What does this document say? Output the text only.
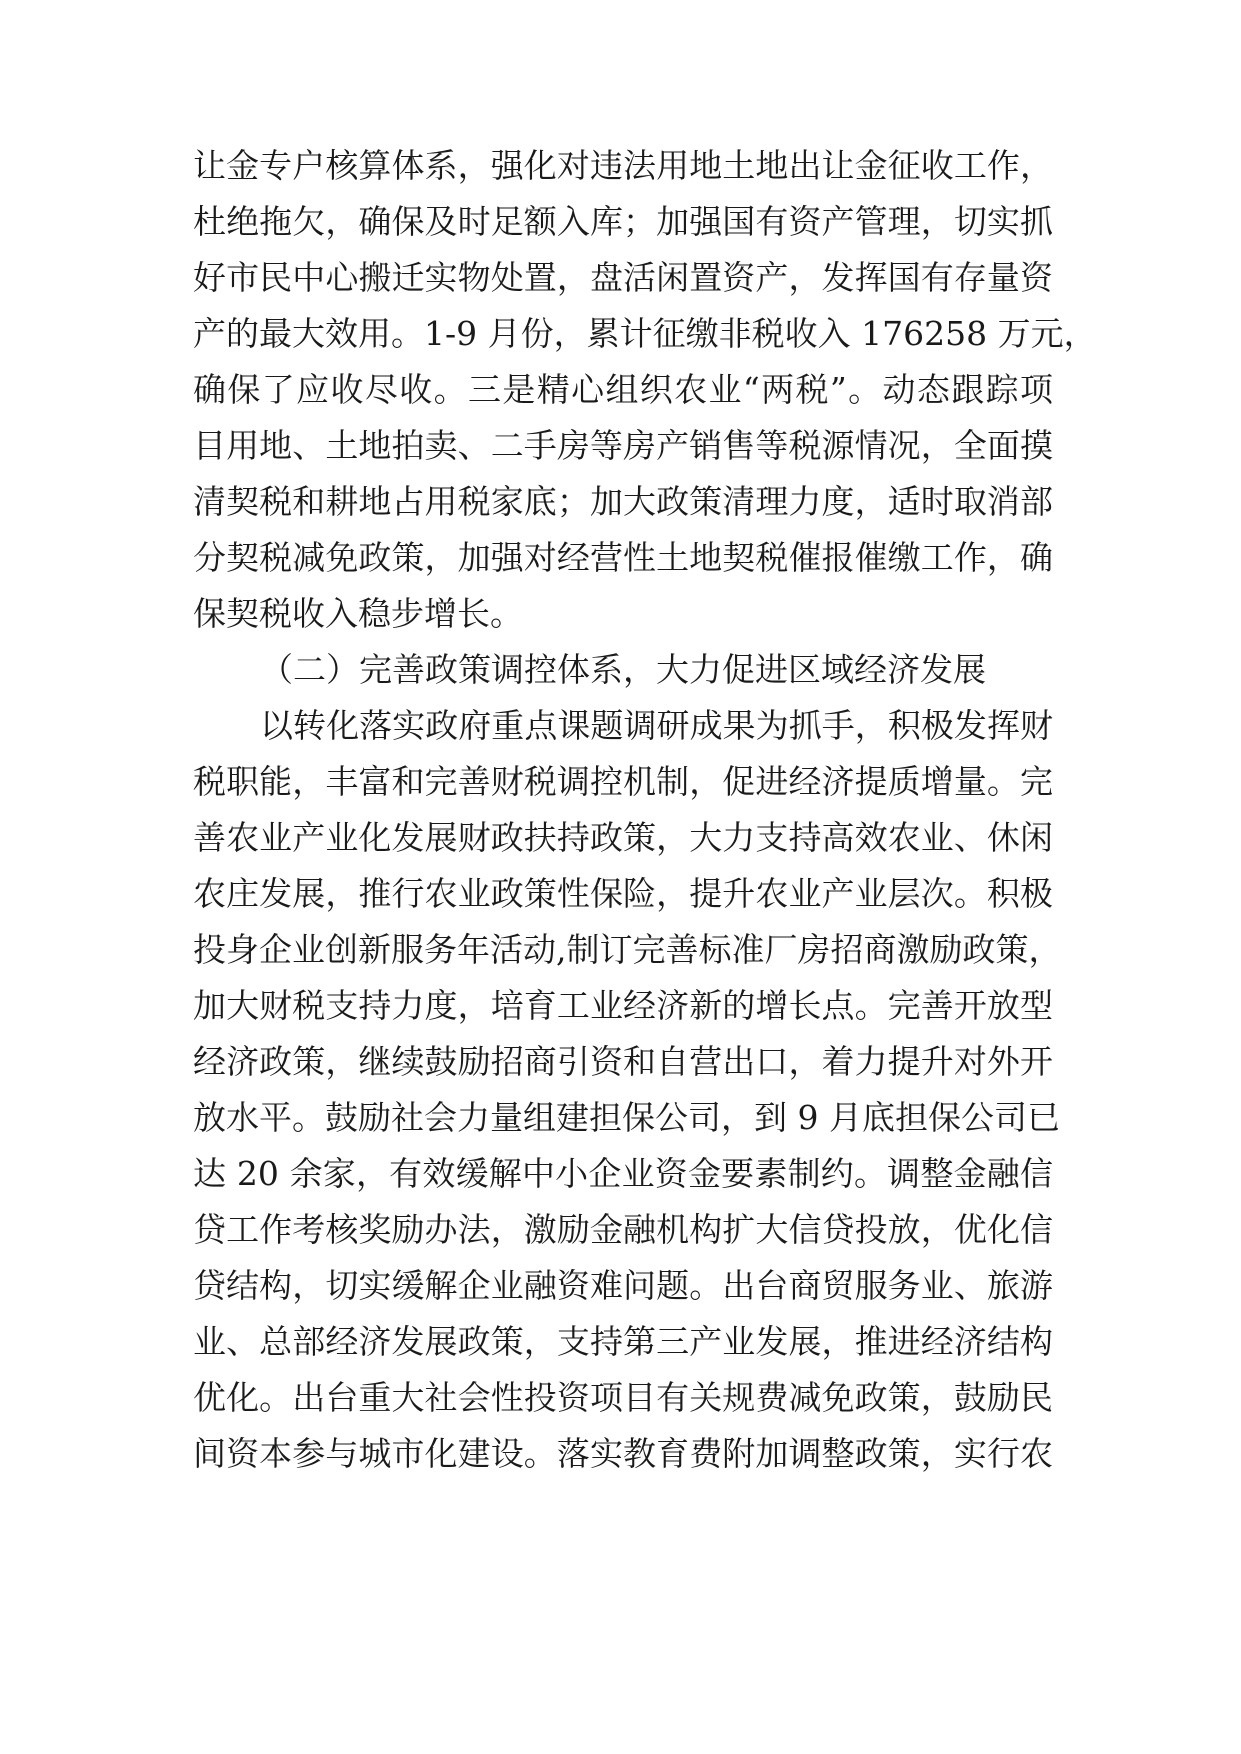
让金专户核算体系，强化对违法用地土地出让金征收工作，
杜绝拖欠，确保及时足额入库；加强国有资产管理，切实抓
好市民中心搬迁实物处置，盘活闲置资产，发挥国有存量资
产的最大效用。1-9 月份，累计征缴非税收入 176258 万元，
确保了应收尽收。三是精心组织农业“两税”。动态跟踪项
目用地、土地拍卖、二手房等房产销售等税源情况，全面摸
清契税和耕地占用税家底；加大政策清理力度，适时取消部
分契税减免政策，加强对经营性土地契税催报催缴工作，确
保契税收入稳步增长。
（二）完善政策调控体系，大力促进区域经济发展
以转化落实政府重点课题调研成果为抓手，积极发挥财
税职能，丰富和完善财税调控机制，促进经济提质增量。完
善农业产业化发展财政扶持政策，大力支持高效农业、休闲
农庄发展，推行农业政策性保险，提升农业产业层次。积极
投身企业创新服务年活动,制订完善标准厂房招商激励政策，
加大财税支持力度，培育工业经济新的增长点。完善开放型
经济政策，继续鼓励招商引资和自营出口，着力提升对外开
放水平。鼓励社会力量组建担保公司，到 9 月底担保公司已
达 20 余家，有效缓解中小企业资金要素制约。调整金融信
贷工作考核奖励办法，激励金融机构扩大信贷投放，优化信
贷结构，切实缓解企业融资难问题。出台商贸服务业、旅游
业、总部经济发展政策，支持第三产业发展，推进经济结构
优化。出台重大社会性投资项目有关规费减免政策，鼓励民
间资本参与城市化建设。落实教育费附加调整政策，实行农
